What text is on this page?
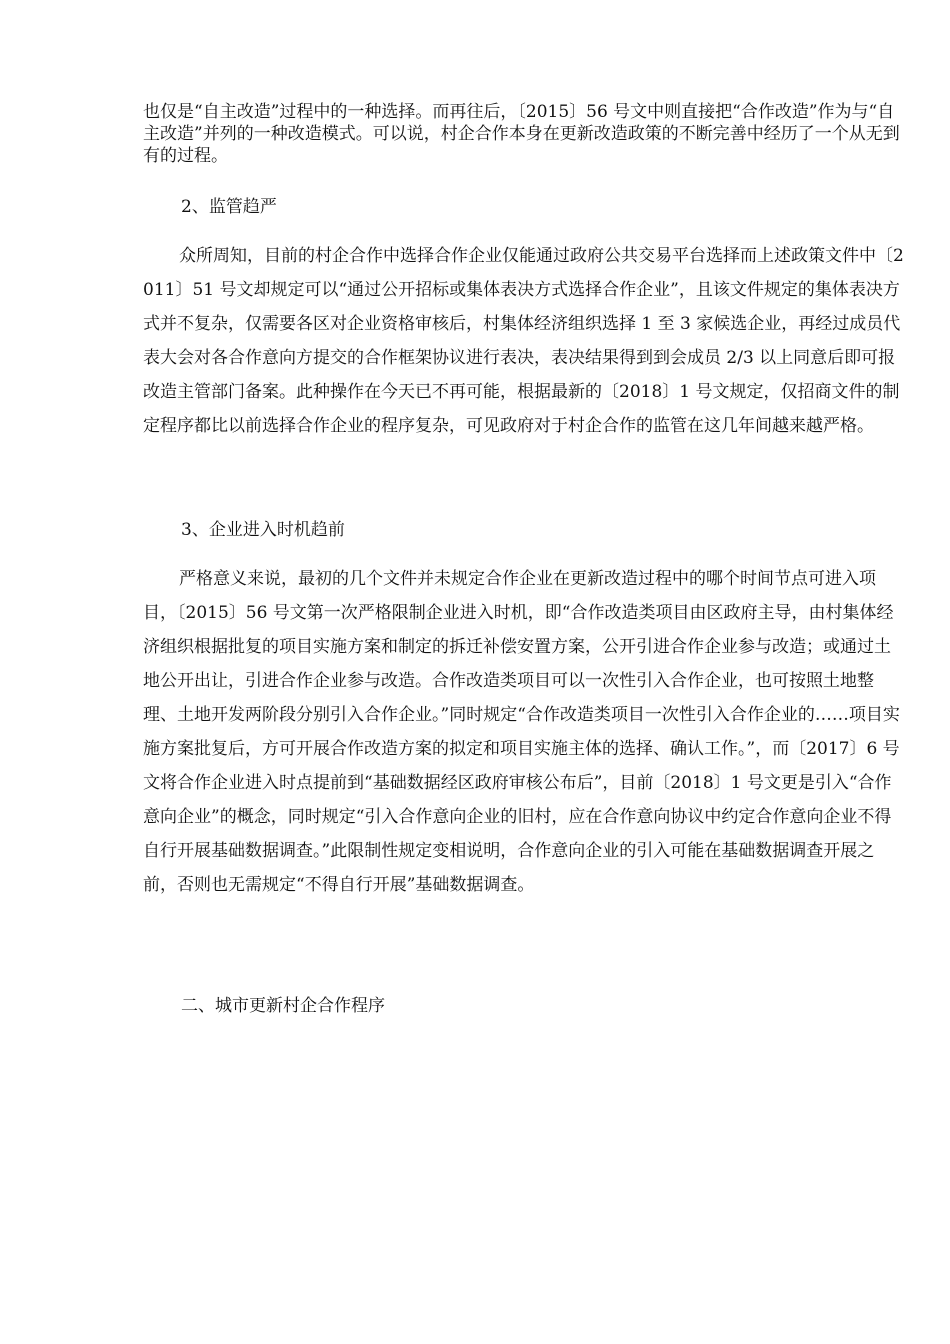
也仅是“自主改造”过程中的一种选择。而再往后，〔2015〕56 号文中则直接把“合作改造”作为与“自主改造”并列的一种改造模式。可以说，村企合作本身在更新改造政策的不断完善中经历了一个从无到有的过程。

2、监管趋严

众所周知，目前的村企合作中选择合作企业仅能通过政府公共交易平台选择而上述政策文件中〔2011〕51 号文却规定可以“通过公开招标或集体表决方式选择合作企业”，且该文件规定的集体表决方式并不复杂，仅需要各区对企业资格审核后，村集体经济组织选择 1 至 3 家候选企业，再经过成员代表大会对各合作意向方提交的合作框架协议进行表决，表决结果得到到会成员 2/3 以上同意后即可报改造主管部门备案。此种操作在今天已不再可能，根据最新的〔2018〕1 号文规定，仅招商文件的制定程序都比以前选择合作企业的程序复杂，可见政府对于村企合作的监管在这几年间越来越严格。

3、企业进入时机趋前

严格意义来说，最初的几个文件并未规定合作企业在更新改造过程中的哪个时间节点可进入项目，〔2015〕56 号文第一次严格限制企业进入时机，即“合作改造类项目由区政府主导，由村集体经济组织根据批复的项目实施方案和制定的拆迁补偿安置方案，公开引进合作企业参与改造；或通过土地公开出让，引进合作企业参与改造。合作改造类项目可以一次性引入合作企业，也可按照土地整理、土地开发两阶段分别引入合作企业。”同时规定“合作改造类项目一次性引入合作企业的……项目实施方案批复后，方可开展合作改造方案的拟定和项目实施主体的选择、确认工作。”，而〔2017〕6 号文将合作企业进入时点提前到“基础数据经区政府审核公布后”，目前〔2018〕1 号文更是引入“合作意向企业”的概念，同时规定“引入合作意向企业的旧村，应在合作意向协议中约定合作意向企业不得自行开展基础数据调查。”此限制性规定变相说明，合作意向企业的引入可能在基础数据调查开展之前，否则也无需规定“不得自行开展”基础数据调查。

二、城市更新村企合作程序
